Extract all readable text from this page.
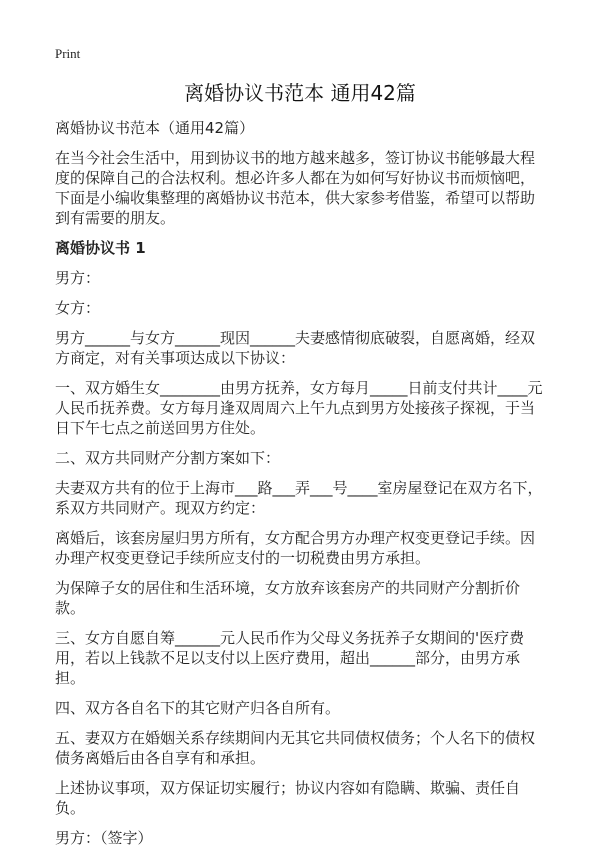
Print
离婚协议书范本 通用42篇

离婚协议书范本（通用42篇）

在当今社会生活中，用到协议书的地方越来越多，签订协议书能够最大程度的保障自己的合法权利。想必许多人都在为如何写好协议书而烦恼吧，下面是小编收集整理的离婚协议书范本，供大家参考借鉴，希望可以帮助到有需要的朋友。

离婚协议书 1

男方：

女方：

男方______与女方______现因______夫妻感情彻底破裂，自愿离婚，经双方商定，对有关事项达成以下协议：

一、双方婚生女________由男方抚养，女方每月_____日前支付共计____元人民币抚养费。女方每月逢双周周六上午九点到男方处接孩子探视，于当日下午七点之前送回男方住处。

二、双方共同财产分割方案如下：

夫妻双方共有的位于上海市___路___弄___号____室房屋登记在双方名下，系双方共同财产。现双方约定：

离婚后，该套房屋归男方所有，女方配合男方办理产权变更登记手续。因办理产权变更登记手续所应支付的一切税费由男方承担。

为保障子女的居住和生活环境，女方放弃该套房产的共同财产分割折价款。

三、女方自愿自筹______元人民币作为父母义务抚养子女期间的'医疗费用，若以上钱款不足以支付以上医疗费用，超出______部分，由男方承担。

四、双方各自名下的其它财产归各自所有。

五、妻双方在婚姻关系存续期间内无其它共同债权债务；个人名下的债权债务离婚后由各自享有和承担。

上述协议事项，双方保证切实履行；协议内容如有隐瞒、欺骗、责任自负。

男方：（签字）
